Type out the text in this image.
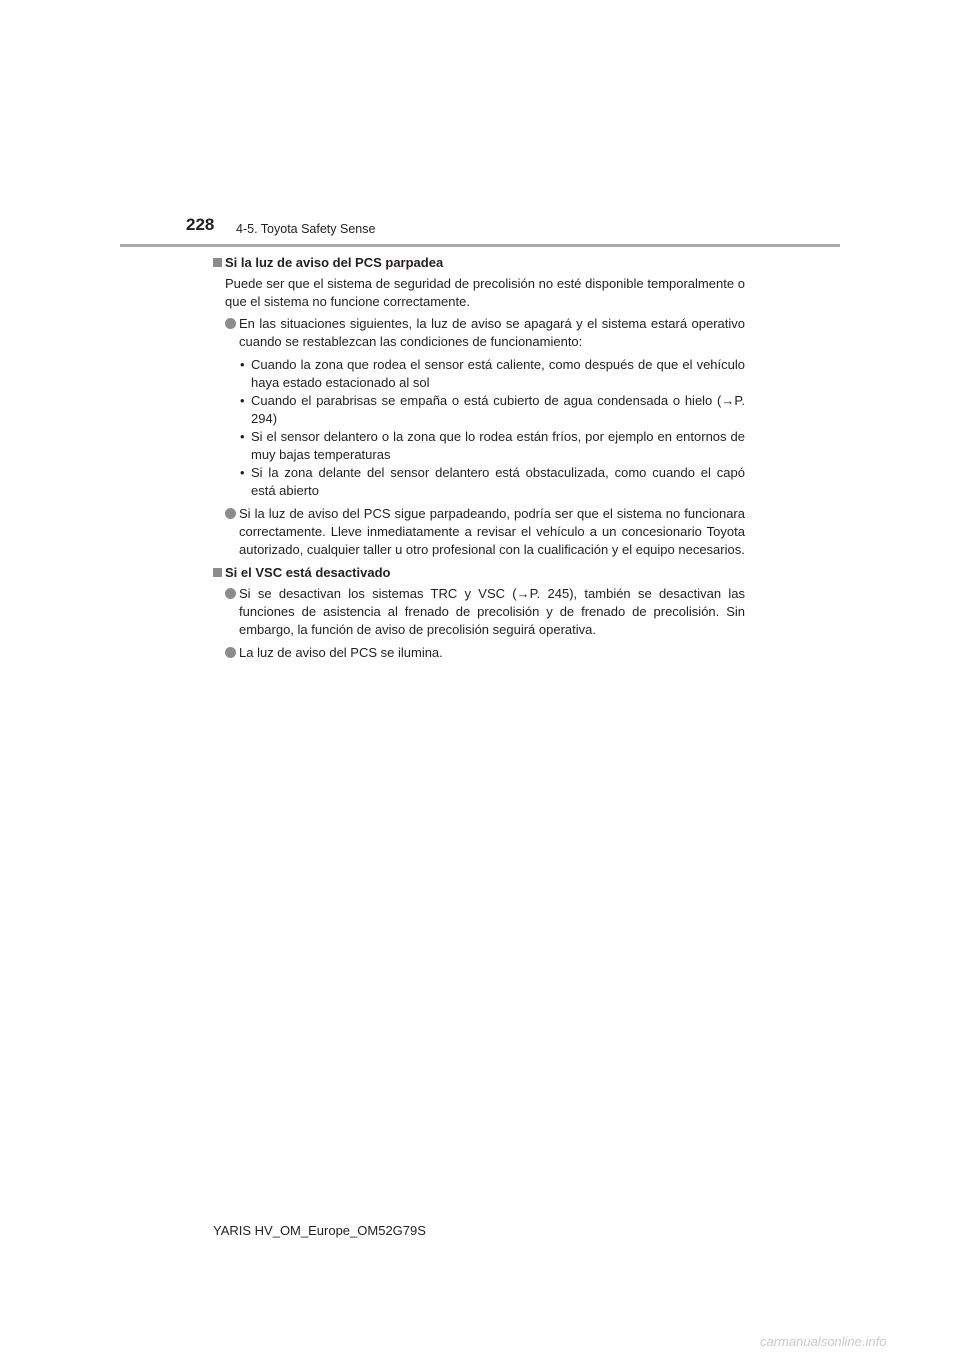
228 4-5. Toyota Safety Sense
Si la luz de aviso del PCS parpadea
Puede ser que el sistema de seguridad de precolisión no esté disponible temporalmente o que el sistema no funcione correctamente.
En las situaciones siguientes, la luz de aviso se apagará y el sistema estará operativo cuando se restablezcan las condiciones de funcionamiento:
• Cuando la zona que rodea el sensor está caliente, como después de que el vehículo haya estado estacionado al sol
• Cuando el parabrisas se empaña o está cubierto de agua condensada o hielo (→P. 294)
• Si el sensor delantero o la zona que lo rodea están fríos, por ejemplo en entornos de muy bajas temperaturas
• Si la zona delante del sensor delantero está obstaculizada, como cuando el capó está abierto
Si la luz de aviso del PCS sigue parpadeando, podría ser que el sistema no funcionara correctamente. Lleve inmediatamente a revisar el vehículo a un concesionario Toyota autorizado, cualquier taller u otro profesional con la cualificación y el equipo necesarios.
Si el VSC está desactivado
Si se desactivan los sistemas TRC y VSC (→P. 245), también se desactivan las funciones de asistencia al frenado de precolisión y de frenado de precolisión. Sin embargo, la función de aviso de precolisión seguirá operativa.
La luz de aviso del PCS se ilumina.
YARIS HV_OM_Europe_OM52G79S
carmanualsonline.info
